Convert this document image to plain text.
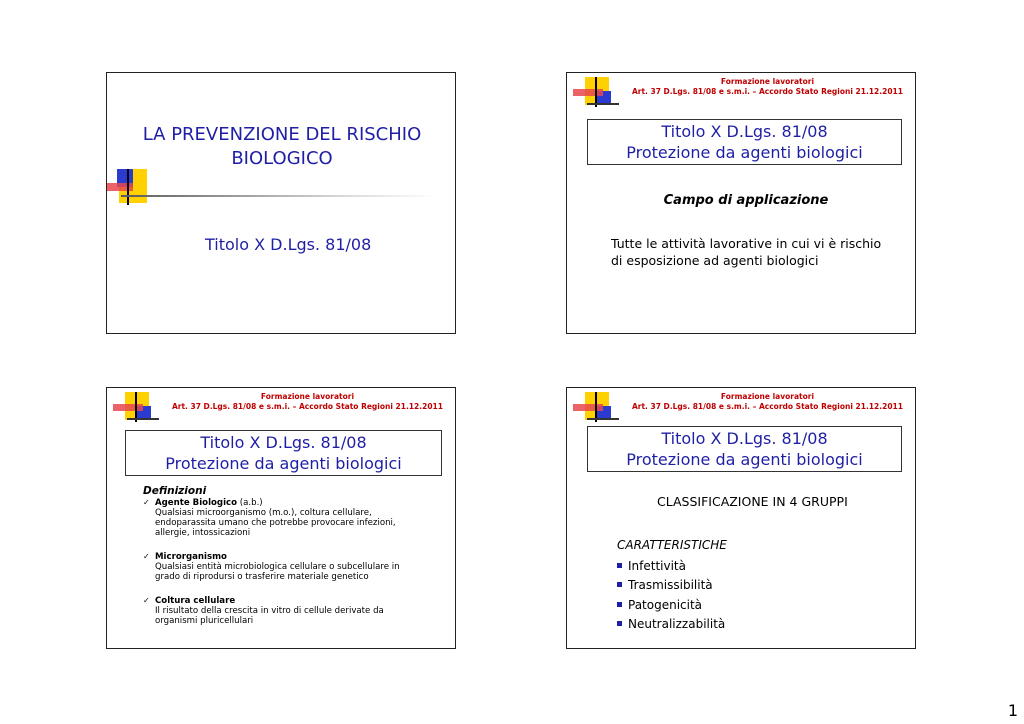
LA PREVENZIONE DEL RISCHIO
BIOLOGICO
Titolo X D.Lgs. 81/08
Formazione lavoratori
Art. 37 D.Lgs. 81/08 e s.m.i. – Accordo Stato Regioni 21.12.2011
Titolo X D.Lgs. 81/08
Protezione da agenti biologici
Campo di applicazione
Tutte le attività lavorative in cui vi è rischio
di esposizione ad agenti biologici
Formazione lavoratori
Art. 37 D.Lgs. 81/08 e s.m.i. – Accordo Stato Regioni 21.12.2011
Titolo X D.Lgs. 81/08
Protezione da agenti biologici
Definizioni
✓ Agente Biologico (a.b.)
Qualsiasi microorganismo (m.o.), coltura cellulare,
endoparassita umano che potrebbe provocare infezioni,
allergie, intossicazioni
✓ Microrganismo
Qualsiasi entità microbiologica cellulare o subcellulare in
grado di riprodursi o trasferire materiale genetico
✓ Coltura cellulare
Il risultato della crescita in vitro di cellule derivate da
organismi pluricellulari
Formazione lavoratori
Art. 37 D.Lgs. 81/08 e s.m.i. – Accordo Stato Regioni 21.12.2011
Titolo X D.Lgs. 81/08
Protezione da agenti biologici
CLASSIFICAZIONE IN 4 GRUPPI
CARATTERISTICHE
Infettività
Trasmissibilità
Patogenicità
Neutralizzabilità
1
